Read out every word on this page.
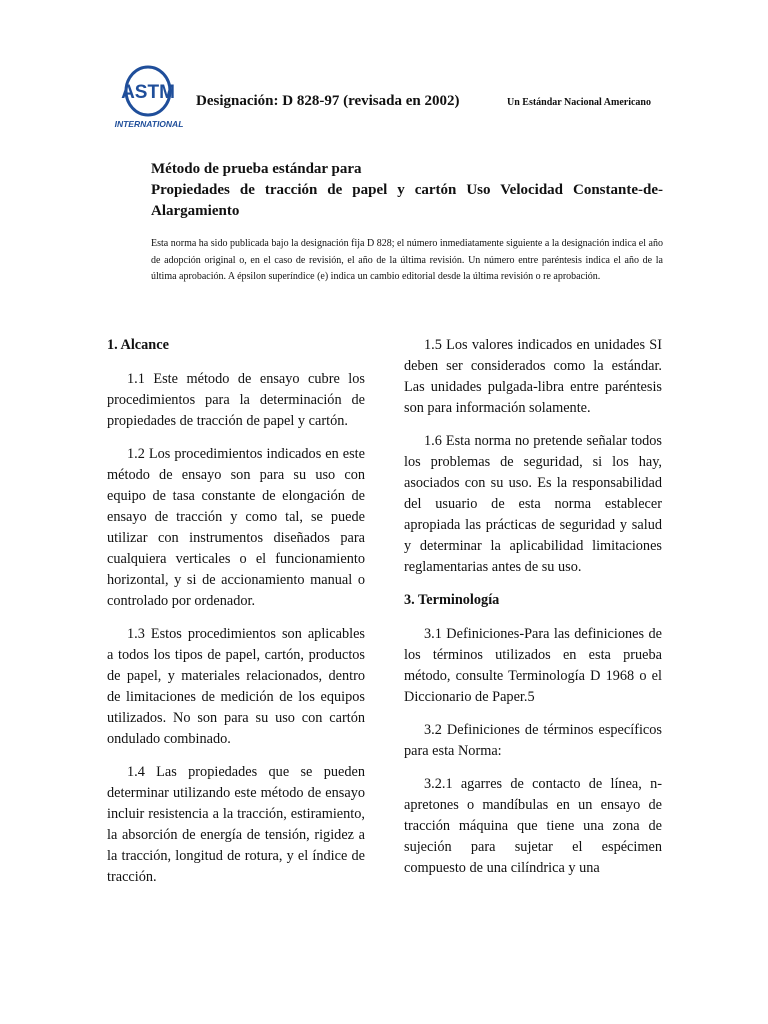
ASTM
INTERNATIONAL
Designación: D 828-97 (revisada en 2002)	Un Estándar Nacional Americano
Método de prueba estándar para
Propiedades de tracción de papel y cartón Uso Velocidad Constante-de-
Alargamiento
Esta norma ha sido publicada bajo la designación fija D 828; el número inmediatamente siguiente a la designación indica el año de adopción original o, en el caso de revisión, el año de la última revisión. Un número entre paréntesis indica el año de la última aprobación. A épsilon superíndice (e) indica un cambio editorial desde la última revisión o re aprobación.
1. Alcance

1.1 Este método de ensayo cubre los procedimientos para la determinación de propiedades de tracción de papel y cartón.

1.2 Los procedimientos indicados en este método de ensayo son para su uso con equipo de tasa constante de elongación de ensayo de tracción y como tal, se puede utilizar con instrumentos diseñados para cualquiera verticales o el funcionamiento horizontal, y si de accionamiento manual o controlado por ordenador.

1.3 Estos procedimientos son aplicables a todos los tipos de papel, cartón, productos de papel, y materiales relacionados, dentro de limitaciones de medición de los equipos utilizados. No son para su uso con cartón ondulado combinado.

1.4 Las propiedades que se pueden determinar utilizando este método de ensayo incluir resistencia a la tracción, estiramiento, la absorción de energía de tensión, rigidez a la tracción, longitud de rotura, y el índice de tracción.

1.5 Los valores indicados en unidades SI deben ser considerados como la estándar. Las unidades pulgada-libra entre paréntesis son para información solamente.

1.6 Esta norma no pretende señalar todos los problemas de seguridad, si los hay, asociados con su uso. Es la responsabilidad del usuario de esta norma establecer apropiada las prácticas de seguridad y salud y determinar la aplicabilidad limitaciones reglamentarias antes de su uso.

3. Terminología

3.1 Definiciones-Para las definiciones de los términos utilizados en esta prueba método, consulte Terminología D 1968 o el Diccionario de Paper.5

3.2 Definiciones de términos específicos para esta Norma:

3.2.1 agarres de contacto de línea, n-apretones o mandíbulas en un ensayo de tracción máquina que tiene una zona de sujeción para sujetar el espécimen compuesto de una cilíndrica y una
